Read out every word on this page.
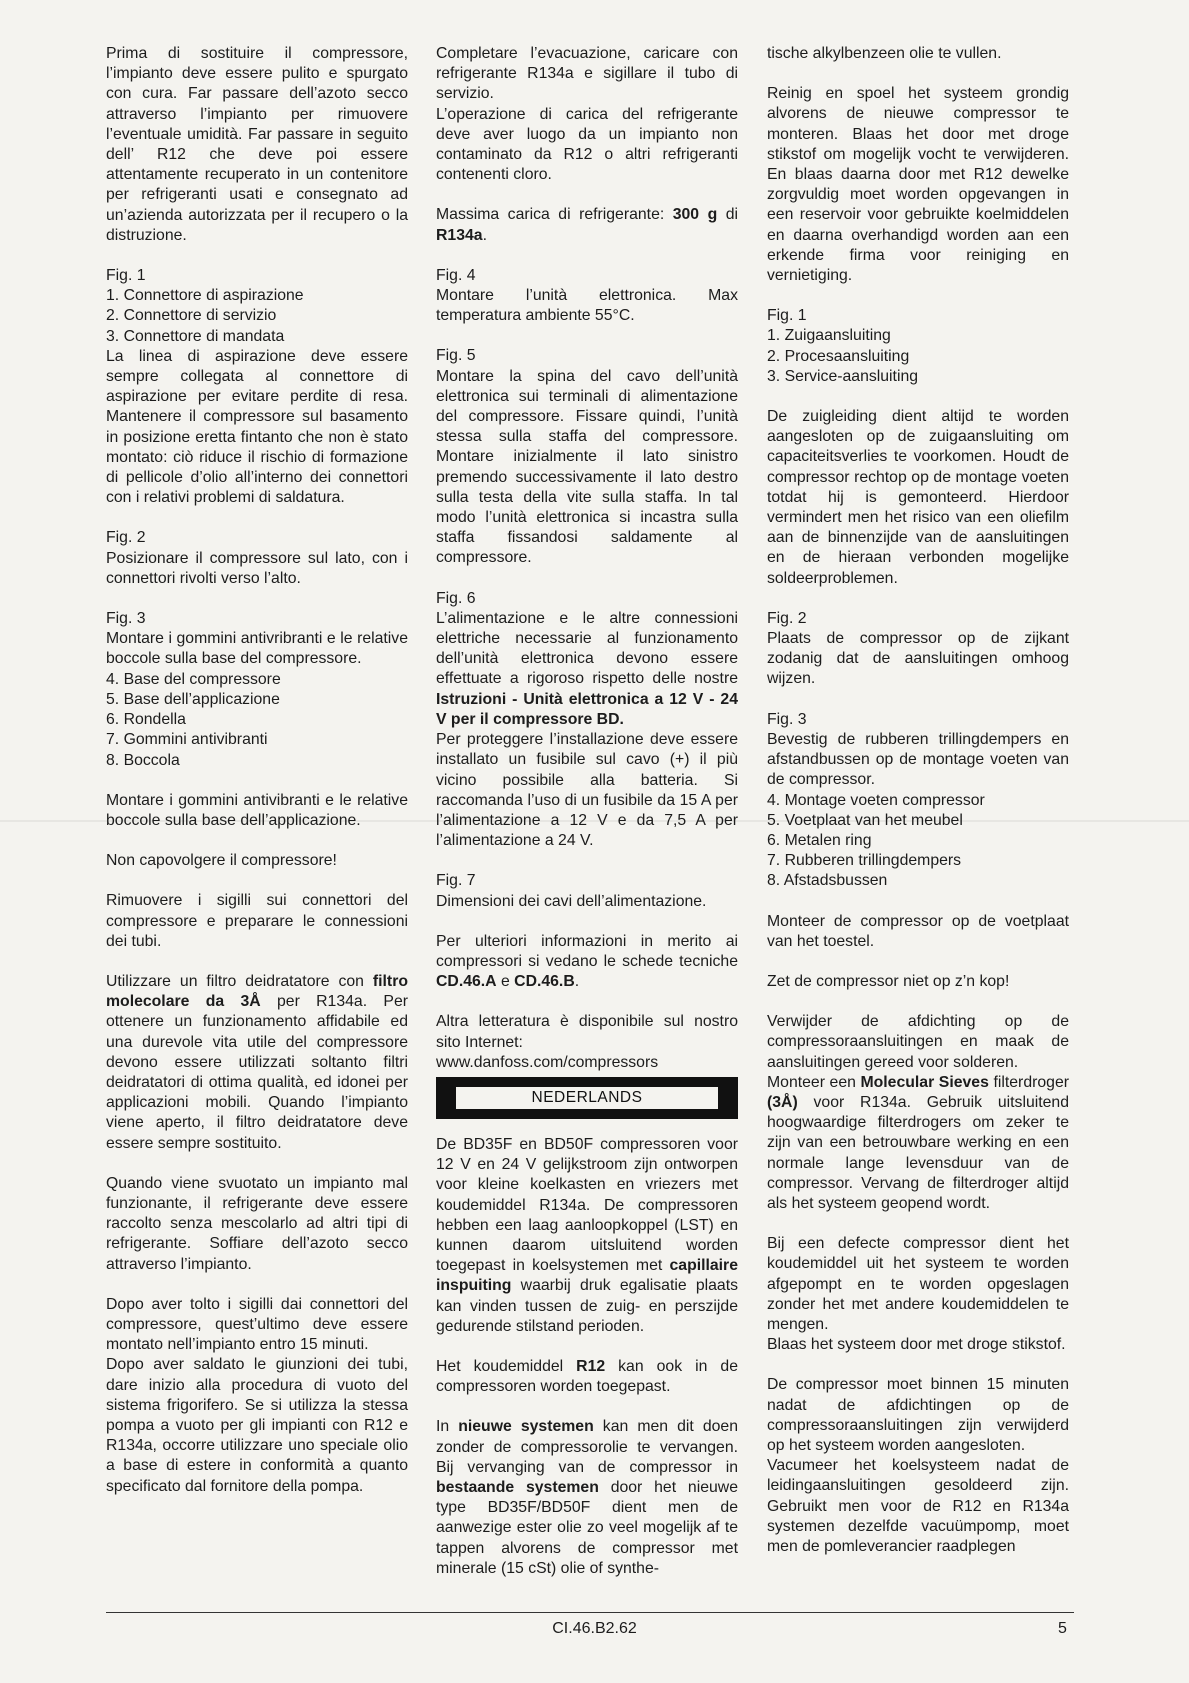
Prima di sostituire il compressore, l’impianto deve essere pulito e spurgato con cura. Far passare dell’azoto secco attraverso l’impianto per rimuovere l’eventuale umidità. Far passare in seguito dell’ R12 che deve poi essere attentamente recuperato in un contenitore per refrigeranti usati e consegnato ad un’azienda autorizzata per il recupero o la distruzione.

Fig. 1

1. Connettore di aspirazione
2. Connettore di servizio
3. Connettore di mandata

La linea di aspirazione deve essere sempre collegata al connettore di aspirazione per evitare perdite di resa. Mantenere il compressore sul basamento in posizione eretta fintanto che non è stato montato: ciò riduce il rischio di formazione di pellicole d’olio all’interno dei connettori con i relativi problemi di saldatura.

Fig. 2

Posizionare il compressore sul lato, con i connettori rivolti verso l’alto.

Fig. 3

Montare i gommini antivribranti e le relative boccole sulla base del compressore.

4. Base del compressore
5. Base dell’applicazione
6. Rondella
7. Gommini antivibranti
8. Boccola

Montare i gommini antivibranti e le relative boccole sulla base dell’applicazione.

Non capovolgere il compressore!

Rimuovere i sigilli sui connettori del compressore e preparare le connessioni dei tubi.

Utilizzare un filtro deidratatore con filtro molecolare da 3Å per R134a. Per ottenere un funzionamento affidabile ed una durevole vita utile del compressore devono essere utilizzati soltanto filtri deidratatori di ottima qualità, ed idonei per applicazioni mobili. Quando l’impianto viene aperto, il filtro deidratatore deve essere sempre sostituito.

Quando viene svuotato un impianto mal funzionante, il refrigerante deve essere raccolto senza mescolarlo ad altri tipi di refrigerante. Soffiare dell’azoto secco attraverso l’impianto.

Dopo aver tolto i sigilli dai connettori del compressore, quest’ultimo deve essere montato nell’impianto entro 15 minuti.

Dopo aver saldato le giunzioni dei tubi, dare inizio alla procedura di vuoto del sistema frigorifero. Se si utilizza la stessa pompa a vuoto per gli impianti con R12 e R134a, occorre utilizzare uno speciale olio a base di estere in conformità a quanto specificato dal fornitore della pompa.

Completare l’evacuazione, caricare con refrigerante R134a e sigillare il tubo di servizio.

L’operazione di carica del refrigerante deve aver luogo da un impianto non contaminato da R12 o altri refrigeranti contenenti cloro.

Massima carica di refrigerante: 300 g di R134a.

Fig. 4

Montare l’unità elettronica. Max temperatura ambiente 55°C.

Fig. 5

Montare la spina del cavo dell’unità elettronica sui terminali di alimentazione del compressore. Fissare quindi, l’unità stessa sulla staffa del compressore. Montare inizialmente il lato sinistro premendo successivamente il lato destro sulla testa della vite sulla staffa. In tal modo l’unità elettronica si incastra sulla staffa fissandosi saldamente al compressore.

Fig. 6

L’alimentazione e le altre connessioni elettriche necessarie al funzionamento dell’unità elettronica devono essere effettuate a rigoroso rispetto delle nostre Istruzioni - Unità elettronica a 12 V - 24 V per il compressore BD.

Per proteggere l’installazione deve essere installato un fusibile sul cavo (+) il più vicino possibile alla batteria. Si raccomanda l’uso di un fusibile da 15 A per l’alimentazione a 12 V e da 7,5 A per l’alimentazione a 24 V.

Fig. 7

Dimensioni dei cavi dell’alimentazione.

Per ulteriori informazioni in merito ai compressori si vedano le schede tecniche CD.46.A e CD.46.B.

Altra letteratura è disponibile sul nostro sito Internet:

www.danfoss.com/compressors

NEDERLANDS

De BD35F en BD50F compressoren voor 12 V en 24 V gelijkstroom zijn ontworpen voor kleine koelkasten en vriezers met koudemiddel R134a. De compressoren hebben een laag aanloopkoppel (LST) en kunnen daarom uitsluitend worden toegepast in koelsystemen met capillaire inspuiting waarbij druk egalisatie plaats kan vinden tussen de zuig- en perszijde gedurende stilstand perioden.

Het koudemiddel R12 kan ook in de compressoren worden toegepast.

In nieuwe systemen kan men dit doen zonder de compressorolie te vervangen. Bij vervanging van de compressor in bestaande systemen door het nieuwe type BD35F/BD50F dient men de aanwezige ester olie zo veel mogelijk af te tappen alvorens de compressor met minerale (15 cSt) olie of synthe-

tische alkylbenzeen olie te vullen.

Reinig en spoel het systeem grondig alvorens de nieuwe compressor te monteren. Blaas het door met droge stikstof om mogelijk vocht te verwijderen. En blaas daarna door met R12 dewelke zorgvuldig moet worden opgevangen in een reservoir voor gebruikte koelmiddelen en daarna overhandigd worden aan een erkende firma voor reiniging en vernietiging.

Fig. 1

1. Zuigaansluiting
2. Procesaansluiting
3. Service-aansluiting

De zuigleiding dient altijd te worden aangesloten op de zuigaansluiting om capaciteitsverlies te voorkomen. Houdt de compressor rechtop op de montage voeten totdat hij is gemonteerd. Hierdoor vermindert men het risico van een oliefilm aan de binnenzijde van de aansluitingen en de hieraan verbonden mogelijke soldeerproblemen.

Fig. 2

Plaats de compressor op de zijkant zodanig dat de aansluitingen omhoog wijzen.

Fig. 3

Bevestig de rubberen trillingdempers en afstandbussen op de montage voeten van de compressor.

4. Montage voeten compressor
5. Voetplaat van het meubel
6. Metalen ring
7. Rubberen trillingdempers
8. Afstadsbussen

Monteer de compressor op de voetplaat van het toestel.

Zet de compressor niet op z’n kop!

Verwijder de afdichting op de compressoraansluitingen en maak de aansluitingen gereed voor solderen.

Monteer een Molecular Sieves filterdroger (3Å) voor R134a. Gebruik uitsluitend hoogwaardige filterdrogers om zeker te zijn van een betrouwbare werking en een normale lange levensduur van de compressor. Vervang de filterdroger altijd als het systeem geopend wordt.

Bij een defecte compressor dient het koudemiddel uit het systeem te worden afgepompt en te worden opgeslagen zonder het met andere koudemiddelen te mengen.

Blaas het systeem door met droge stikstof.

De compressor moet binnen 15 minuten nadat de afdichtingen op de compressoraansluitingen zijn verwijderd op het systeem worden aangesloten.

Vacumeer het koelsysteem nadat de leidingaansluitingen gesoldeerd zijn. Gebruikt men voor de R12 en R134a systemen dezelfde vacuümpomp, moet men de pomleverancier raadplegen

CI.46.B2.62	5
